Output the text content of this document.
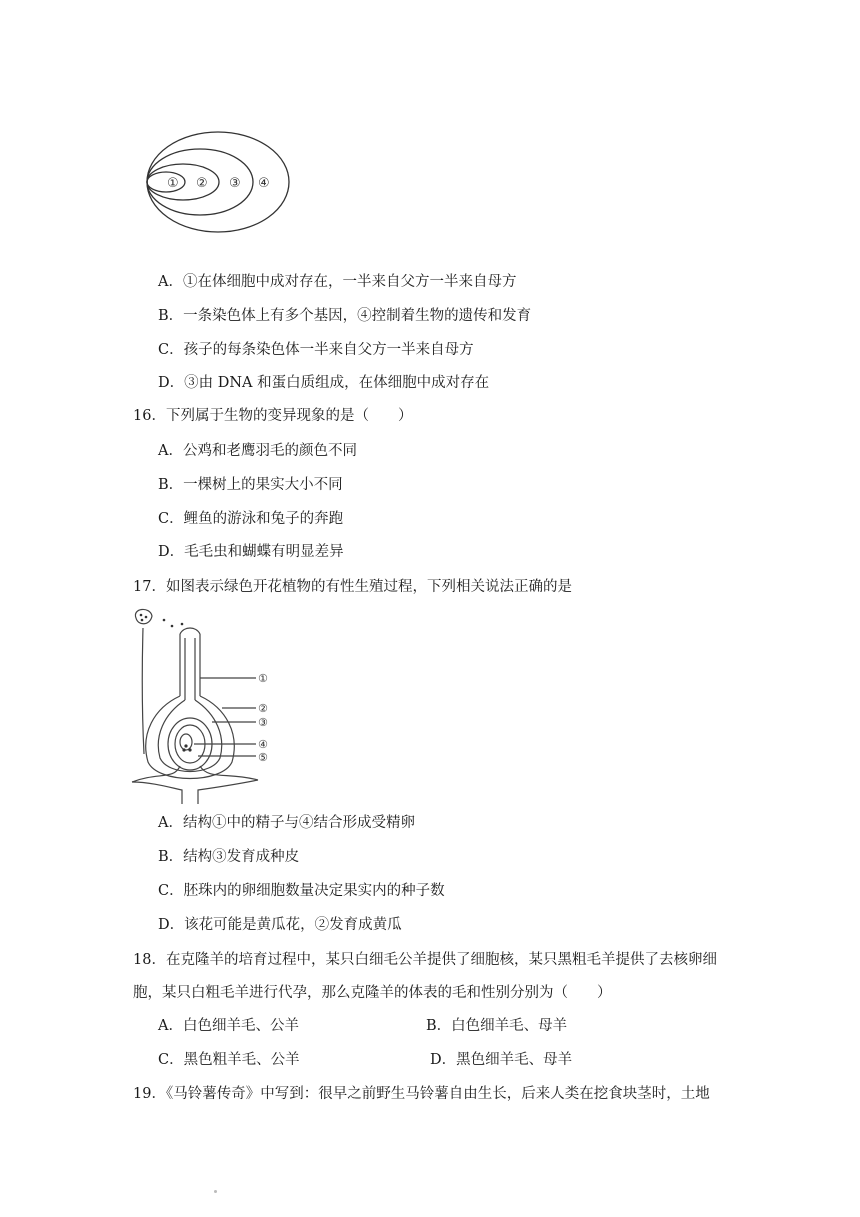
① ② ③ ④
A．①在体细胞中成对存在，一半来自父方一半来自母方
B．一条染色体上有多个基因，④控制着生物的遗传和发育
C．孩子的每条染色体一半来自父方一半来自母方
D．③由 DNA 和蛋白质组成，在体细胞中成对存在
16．下列属于生物的变异现象的是（　　）
A．公鸡和老鹰羽毛的颜色不同
B．一棵树上的果实大小不同
C．鲤鱼的游泳和兔子的奔跑
D．毛毛虫和蝴蝶有明显差异
17．如图表示绿色开花植物的有性生殖过程，下列相关说法正确的是
①
②
③
④
⑤
A．结构①中的精子与④结合形成受精卵
B．结构③发育成种皮
C．胚珠内的卵细胞数量决定果实内的种子数
D．该花可能是黄瓜花，②发育成黄瓜
18．在克隆羊的培育过程中，某只白细毛公羊提供了细胞核，某只黑粗毛羊提供了去核卵细
胞，某只白粗毛羊进行代孕，那么克隆羊的体表的毛和性别分别为（　　）
A．白色细羊毛、公羊	B．白色细羊毛、母羊
C．黑色粗羊毛、公羊	D．黑色细羊毛、母羊
19．《马铃薯传奇》中写到：很早之前野生马铃薯自由生长，后来人类在挖食块茎时，土地
